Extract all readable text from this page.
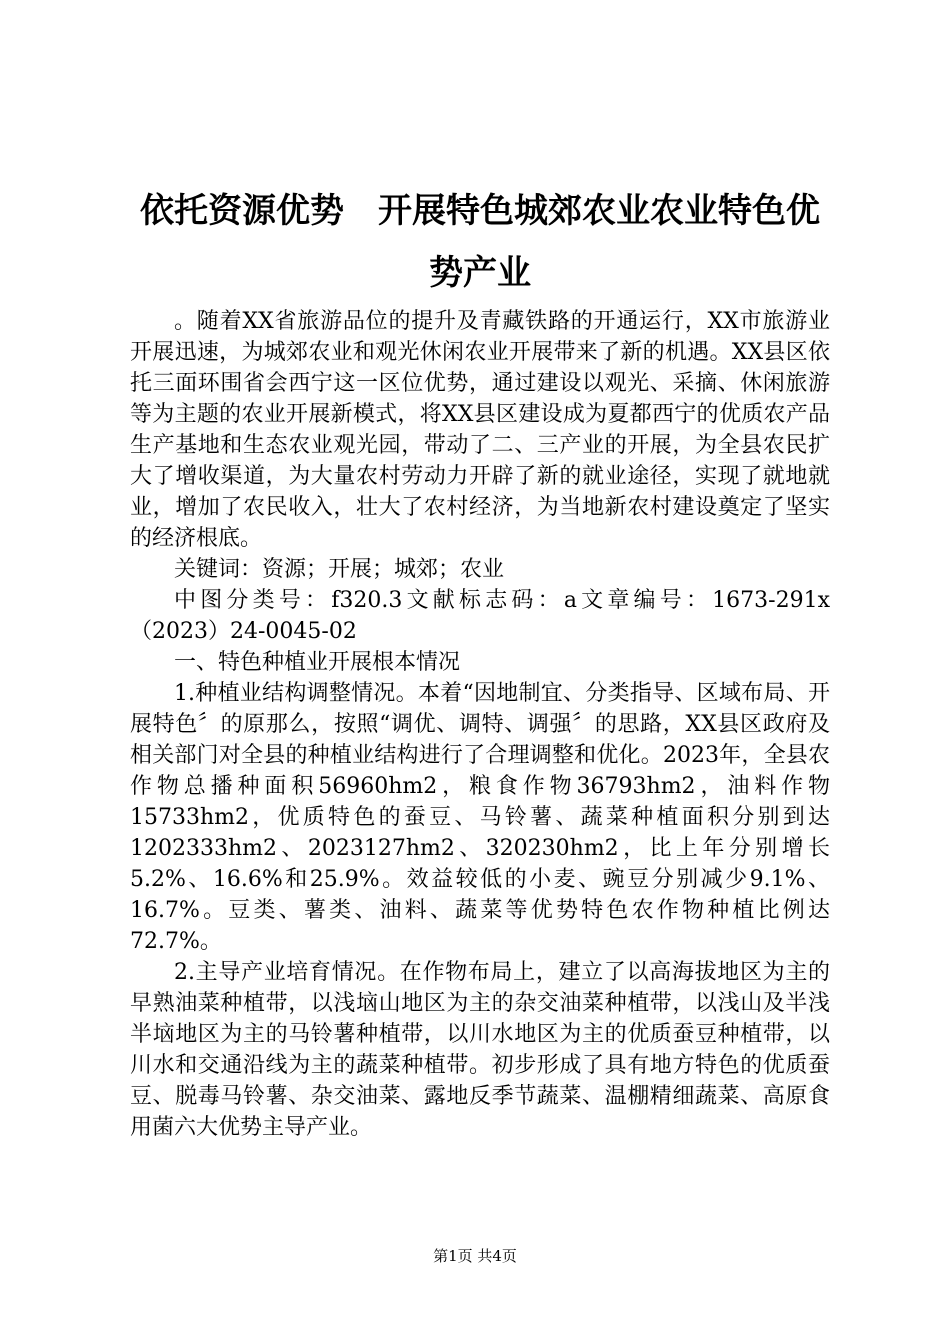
依托资源优势　开展特色城郊农业农业特色优
势产业

。随着XX省旅游品位的提升及青藏铁路的开通运行，XX市旅游业开展迅速，为城郊农业和观光休闲农业开展带来了新的机遇。XX县区依托三面环围省会西宁这一区位优势，通过建设以观光、采摘、休闲旅游等为主题的农业开展新模式，将XX县区建设成为夏都西宁的优质农产品生产基地和生态农业观光园，带动了二、三产业的开展，为全县农民扩大了增收渠道，为大量农村劳动力开辟了新的就业途径，实现了就地就业，增加了农民收入，壮大了农村经济，为当地新农村建设奠定了坚实的经济根底。

关键词：资源；开展；城郊；农业

中图分类号：f320.3文献标志码：a文章编号：1673-291x（2023）24-0045-02

一、特色种植业开展根本情况

1.种植业结构调整情况。本着“因地制宜、分类指导、区域布局、开展特色〞的原那么，按照“调优、调特、调强〞的思路，XX县区政府及相关部门对全县的种植业结构进行了合理调整和优化。2023年，全县农作物总播种面积56960hm2，粮食作物36793hm2，油料作物15733hm2，优质特色的蚕豆、马铃薯、蔬菜种植面积分别到达1202333hm2、2023127hm2、320230hm2，比上年分别增长5.2%、16.6%和25.9%。效益较低的小麦、豌豆分别减少9.1%、16.7%。豆类、薯类、油料、蔬菜等优势特色农作物种植比例达72.7%。

2.主导产业培育情况。在作物布局上，建立了以高海拔地区为主的早熟油菜种植带，以浅垴山地区为主的杂交油菜种植带，以浅山及半浅半垴地区为主的马铃薯种植带，以川水地区为主的优质蚕豆种植带，以川水和交通沿线为主的蔬菜种植带。初步形成了具有地方特色的优质蚕豆、脱毒马铃薯、杂交油菜、露地反季节蔬菜、温棚精细蔬菜、高原食用菌六大优势主导产业。

第1页 共4页
